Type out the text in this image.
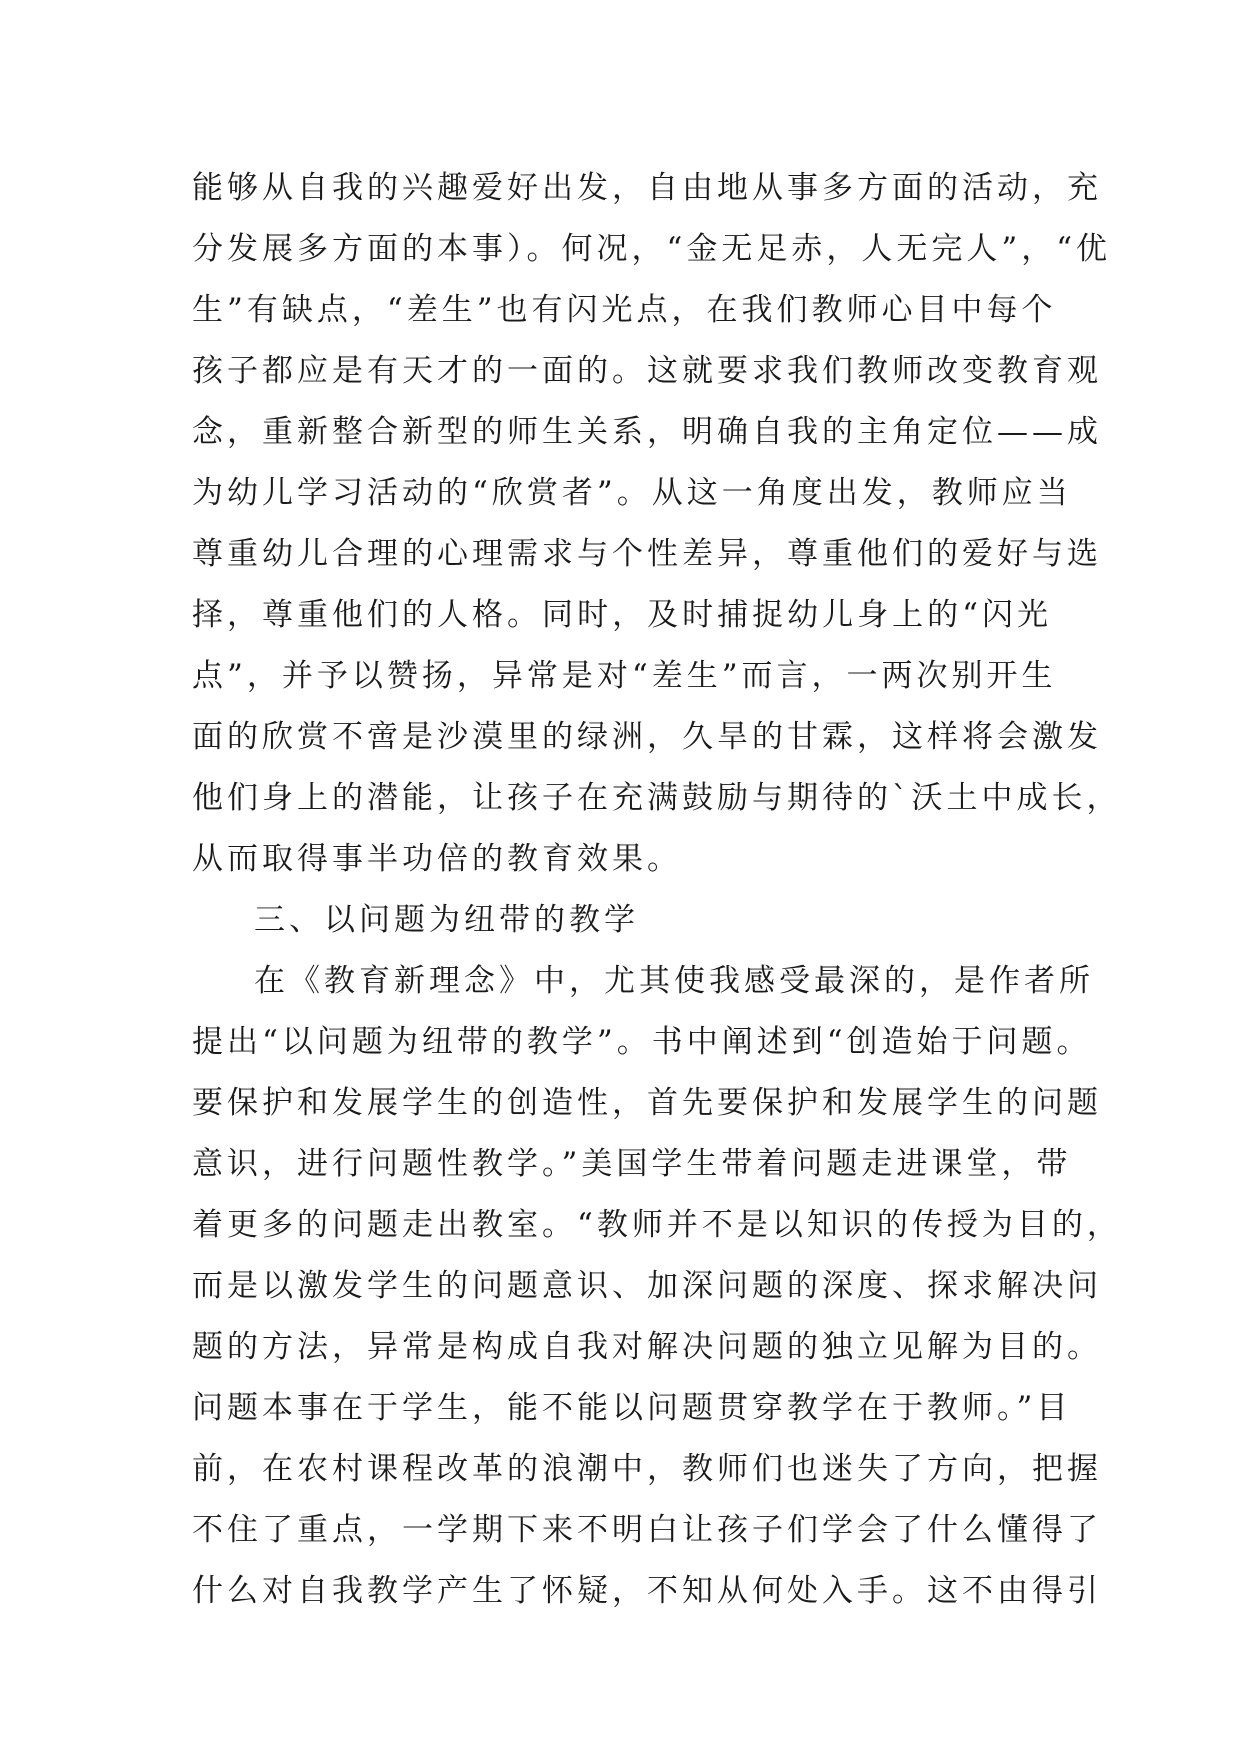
能够从自我的兴趣爱好出发，自由地从事多方面的活动，充
分发展多方面的本事）。何况，“金无足赤，人无完人”，“优
生”有缺点，“差生”也有闪光点，在我们教师心目中每个
孩子都应是有天才的一面的。这就要求我们教师改变教育观
念，重新整合新型的师生关系，明确自我的主角定位——成
为幼儿学习活动的“欣赏者”。从这一角度出发，教师应当
尊重幼儿合理的心理需求与个性差异，尊重他们的爱好与选
择，尊重他们的人格。同时，及时捕捉幼儿身上的“闪光
点”，并予以赞扬，异常是对“差生”而言，一两次别开生
面的欣赏不啻是沙漠里的绿洲，久旱的甘霖，这样将会激发
他们身上的潜能，让孩子在充满鼓励与期待的`沃土中成长，
从而取得事半功倍的教育效果。
三、以问题为纽带的教学
在《教育新理念》中，尤其使我感受最深的，是作者所
提出“以问题为纽带的教学”。书中阐述到“创造始于问题。
要保护和发展学生的创造性，首先要保护和发展学生的问题
意识，进行问题性教学。”美国学生带着问题走进课堂，带
着更多的问题走出教室。“教师并不是以知识的传授为目的，
而是以激发学生的问题意识、加深问题的深度、探求解决问
题的方法，异常是构成自我对解决问题的独立见解为目的。
问题本事在于学生，能不能以问题贯穿教学在于教师。”目
前，在农村课程改革的浪潮中，教师们也迷失了方向，把握
不住了重点，一学期下来不明白让孩子们学会了什么懂得了
什么对自我教学产生了怀疑，不知从何处入手。这不由得引
